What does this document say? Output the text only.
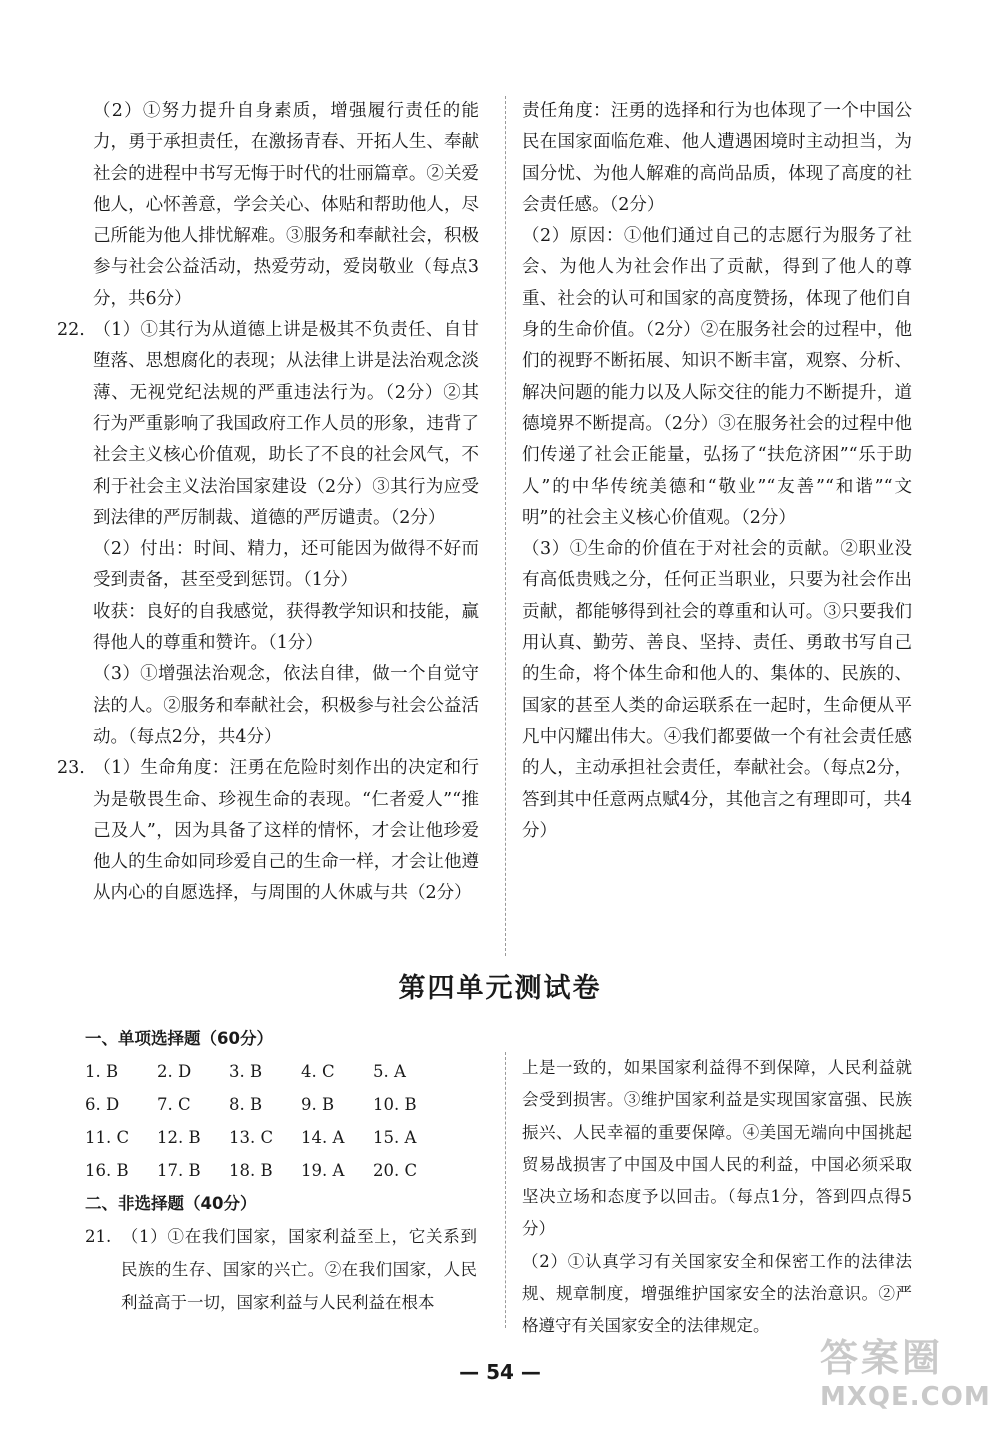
（2）①努力提升自身素质，增强履行责任的能力，勇于承担责任，在激扬青春、开拓人生、奉献社会的进程中书写无悔于时代的壮丽篇章。②关爱他人，心怀善意，学会关心、体贴和帮助他人，尽己所能为他人排忧解难。③服务和奉献社会，积极参与社会公益活动，热爱劳动，爱岗敬业（每点3分，共6分）

22. （1）①其行为从道德上讲是极其不负责任、自甘堕落、思想腐化的表现；从法律上讲是法治观念淡薄、无视党纪法规的严重违法行为。（2分）②其行为严重影响了我国政府工作人员的形象，违背了社会主义核心价值观，助长了不良的社会风气，不利于社会主义法治国家建设（2分）③其行为应受到法律的严厉制裁、道德的严厉谴责。（2分）

（2）付出：时间、精力，还可能因为做得不好而受到责备，甚至受到惩罚。（1分）

收获：良好的自我感觉，获得教学知识和技能，赢得他人的尊重和赞许。（1分）

（3）①增强法治观念，依法自律，做一个自觉守法的人。②服务和奉献社会，积极参与社会公益活动。（每点2分，共4分）

23. （1）生命角度：汪勇在危险时刻作出的决定和行为是敬畏生命、珍视生命的表现。“仁者爱人”“推己及人”，因为具备了这样的情怀，才会让他珍爱他人的生命如同珍爱自己的生命一样，才会让他遵从内心的自愿选择，与周围的人休戚与共（2分）

责任角度：汪勇的选择和行为也体现了一个中国公民在国家面临危难、他人遭遇困境时主动担当，为国分忧、为他人解难的高尚品质，体现了高度的社会责任感。（2分）

（2）原因：①他们通过自己的志愿行为服务了社会、为他人为社会作出了贡献，得到了他人的尊重、社会的认可和国家的高度赞扬，体现了他们自身的生命价值。（2分）②在服务社会的过程中，他们的视野不断拓展、知识不断丰富，观察、分析、解决问题的能力以及人际交往的能力不断提升，道德境界不断提高。（2分）③在服务社会的过程中他们传递了社会正能量，弘扬了“扶危济困”“乐于助人”的中华传统美德和“敬业”“友善”“和谐”“文明”的社会主义核心价值观。（2分）

（3）①生命的价值在于对社会的贡献。②职业没有高低贵贱之分，任何正当职业，只要为社会作出贡献，都能够得到社会的尊重和认可。③只要我们用认真、勤劳、善良、坚持、责任、勇敢书写自己的生命，将个体生命和他人的、集体的、民族的、国家的甚至人类的命运联系在一起时，生命便从平凡中闪耀出伟大。④我们都要做一个有社会责任感的人，主动承担社会责任，奉献社会。（每点2分，答到其中任意两点赋4分，其他言之有理即可，共4分）

第四单元测试卷
一、单项选择题（60分）
1. B	2. D	3. B	4. C	5. A
6. D	7. C	8. B	9. B	10. B
11. C	12. B	13. C	14. A	15. A
16. B	17. B	18. B	19. A	20. C
二、非选择题（40分）

21. （1）①在我们国家，国家利益至上，它关系到民族的生存、国家的兴亡。②在我们国家，人民利益高于一切，国家利益与人民利益在根本

上是一致的，如果国家利益得不到保障，人民利益就会受到损害。③维护国家利益是实现国家富强、民族振兴、人民幸福的重要保障。④美国无端向中国挑起贸易战损害了中国及中国人民的利益，中国必须采取坚决立场和态度予以回击。（每点1分，答到四点得5分）

（2）①认真学习有关国家安全和保密工作的法律法规、规章制度，增强维护国家安全的法治意识。②严格遵守有关国家安全的法律规定。

— 54 —	答案圈
MXQE.COM
